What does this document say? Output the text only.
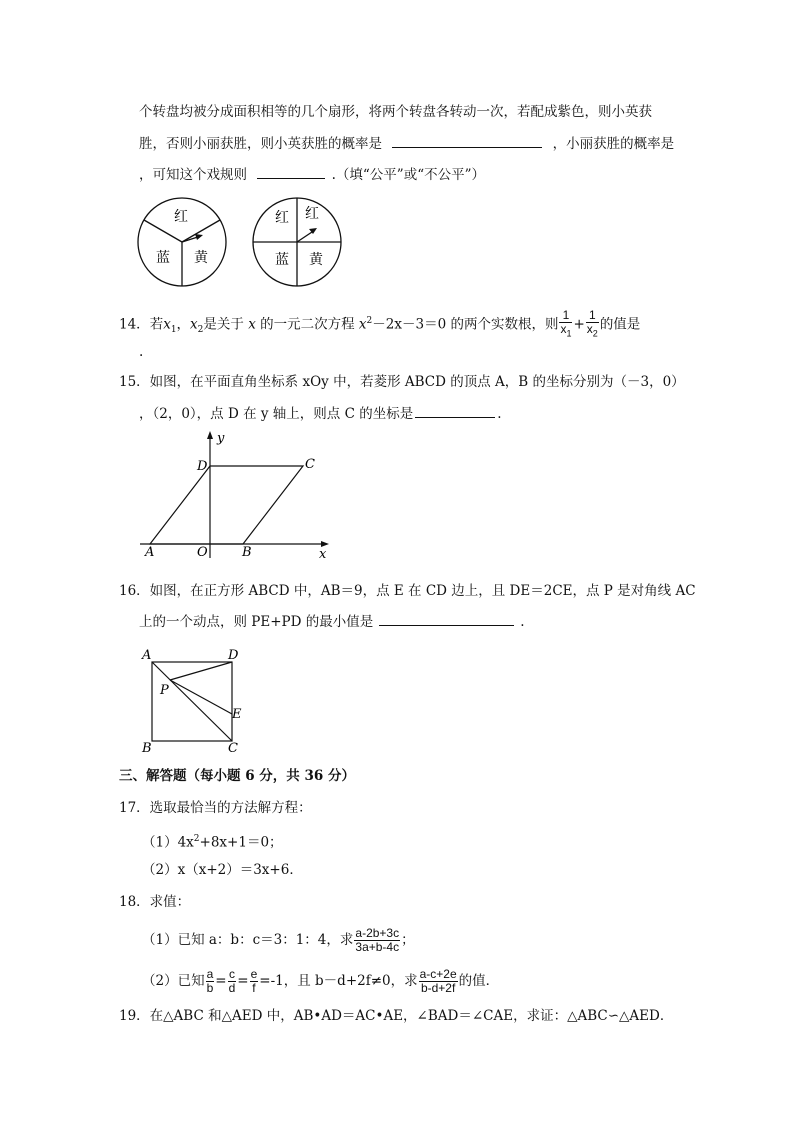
个转盘均被分成面积相等的几个扇形，将两个转盘各转动一次，若配成紫色，则小英获
胜，否则小丽获胜，则小英获胜的概率是	，小丽获胜的概率是
，可知这个戏规则	.（填“公平”或“不公平”）
红
蓝 黄
红 红
蓝 黄
14．若$x_1$，$x_2$是关于 x 的一元二次方程 $x^2-2x-3=0$ 的两个实数根，则 $\frac{1}{x_1} + \frac{1}{x_2}$ 的值是
.
15．如图，在平面直角坐标系 xOy 中，若菱形 ABCD 的顶点 A，B 的坐标分别为（－3，0）
，（2，0），点 D 在 y 轴上，则点 C 的坐标是	.
y
x
D	C
A	O	B
16．如图，在正方形 ABCD 中，AB＝9，点 E 在 CD 边上，且 DE＝2CE，点 P 是对角线 AC
上的一个动点，则 PE+PD 的最小值是	.
A	D
P
E
B	C
三、解答题（每小题 6 分，共 36 分）
17．选取最恰当的方法解方程：
$(1)4x^2+8x+1=0$；
（2）x（x+2）＝3x+6．
18．求值：
（1）已知 a：b：c＝3：1：4，求 $\frac{a-2b+3c}{3a+b-4c}$ ；
（2）已知 $\frac{a}{b} = \frac{c}{d} = \frac{e}{f} =-1$，且 b－d+2f≠0，求 $\frac{a-c+2e}{b-d+2f}$ 的值．
19．在△ABC 和△AED 中，AB•AD＝AC•AE，∠BAD＝∠CAE，求证：△ABC∽△AED．
